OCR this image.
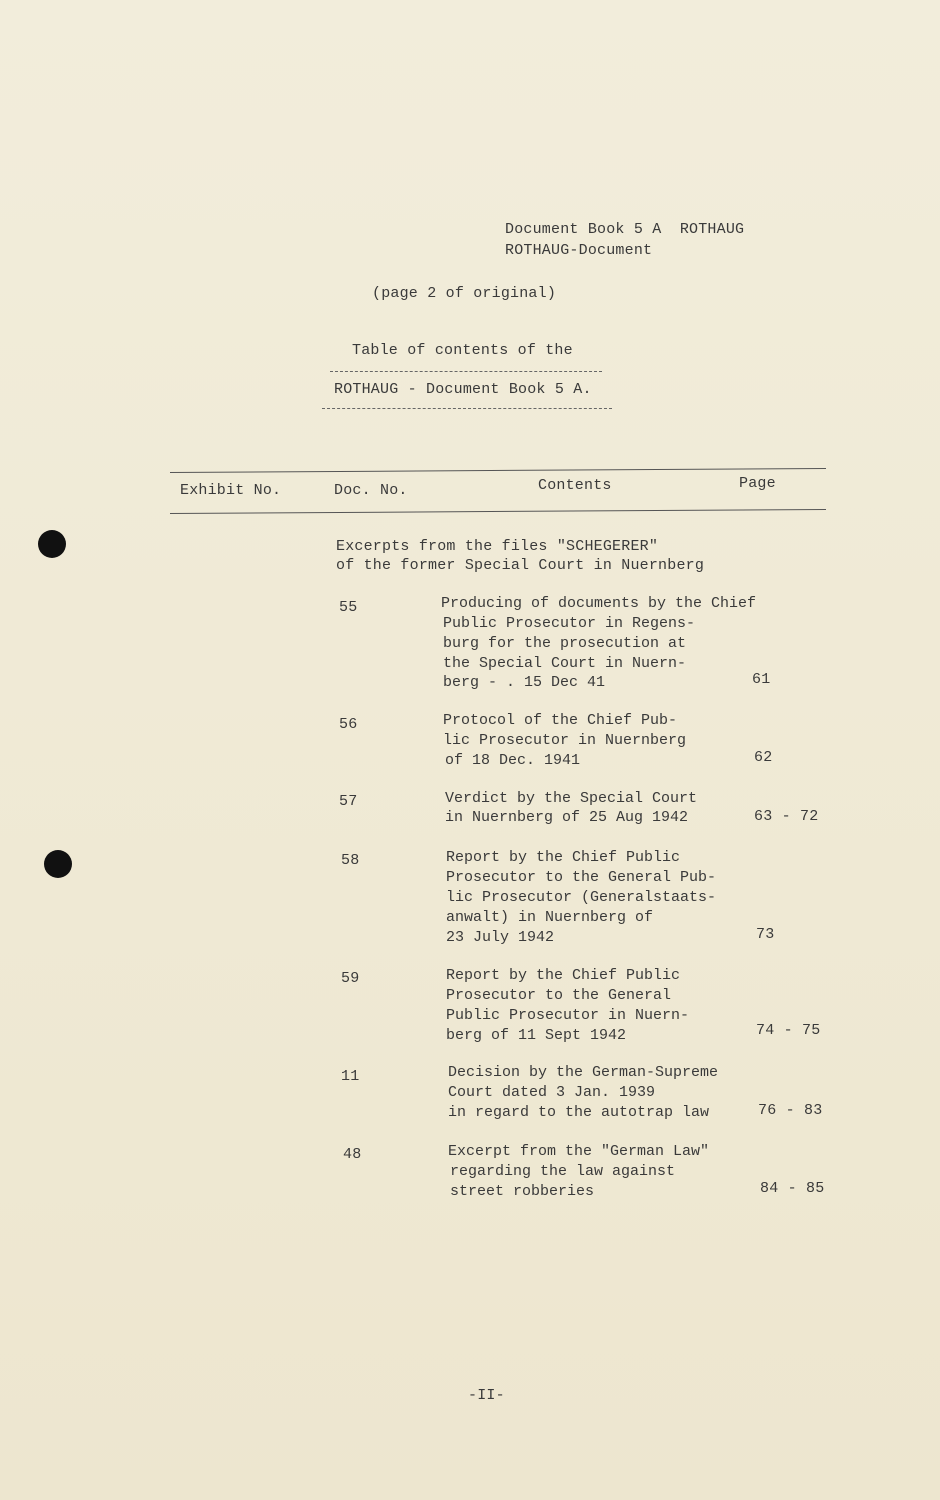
Document Book 5 A  ROTHAUG
ROTHAUG-Document
(page 2 of original)
Table of contents of the
ROTHAUG - Document Book 5 A.
Exhibit No.	Doc. No.	Contents	Page
Excerpts from the files "SCHEGERER"
of the former Special Court in Nuernberg
55	Producing of documents by the Chief
Public Prosecutor in Regens-
burg for the prosecution at
the Special Court in Nuern-
berg - . 15 Dec 41	61
56	Protocol of the Chief Pub-
lic Prosecutor in Nuernberg
of 18 Dec. 1941	62
57	Verdict by the Special Court
in Nuernberg of 25 Aug 1942	63 - 72
58	Report by the Chief Public
Prosecutor to the General Pub-
lic Prosecutor (Generalstaats-
anwalt) in Nuernberg of
23 July 1942	73
59	Report by the Chief Public
Prosecutor to the General
Public Prosecutor in Nuern-
berg of 11 Sept 1942	74 - 75
11	Decision by the German-Supreme
Court dated 3 Jan. 1939
in regard to the autotrap law	76 - 83
48	Excerpt from the "German Law"
regarding the law against
street robberies	84 - 85
-II-
